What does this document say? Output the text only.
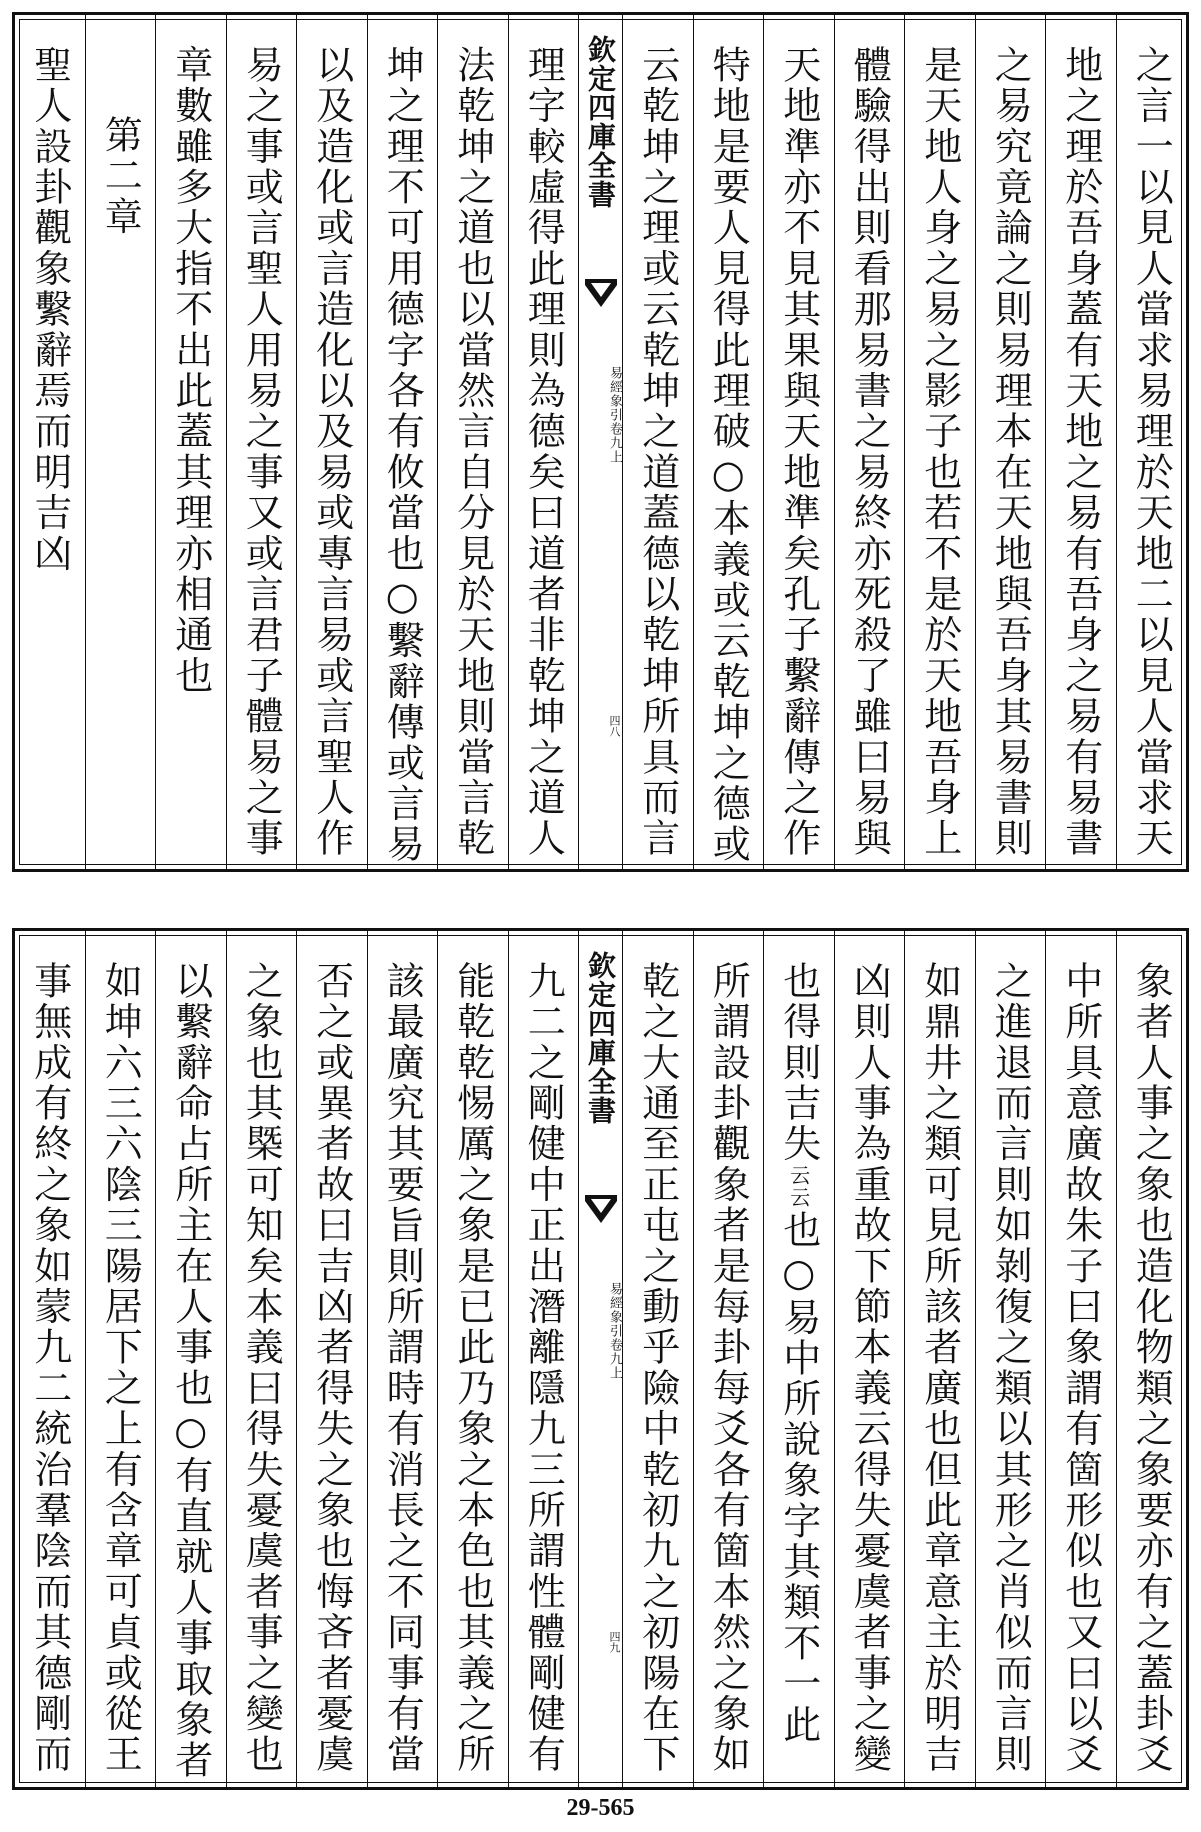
之言一以見人當求易理於天地二以見人當求天
地之理於吾身蓋有天地之易有吾身之易有易書
之易究竟論之則易理本在天地與吾身其易書則
是天地人身之易之影子也若不是於天地吾身上
體驗得出則看那易書之易終亦死殺了雖曰易與
天地準亦不見其果與天地準矣孔子繫辭傳之作
特地是要人見得此理破○本義或云乾坤之德或
云乾坤之理或云乾坤之道蓋德以乾坤所具而言
欽定四庫全書
易經象引
卷九上
四八
理字較虛得此理則為德矣曰道者非乾坤之道人
法乾坤之道也以當然言自分見於天地則當言乾
坤之理不可用德字各有攸當也○繫辭傳或言易
以及造化或言造化以及易或專言易或言聖人作
易之事或言聖人用易之事又或言君子體易之事
章數雖多大指不出此蓋其理亦相通也
第二章
聖人設卦觀象繫辭焉而明吉凶
象者人事之象也造化物類之象要亦有之蓋卦爻
中所具意廣故朱子曰象謂有箇形似也又曰以爻
之進退而言則如剝復之類以其形之肖似而言則
如鼎井之類可見所該者廣也但此章意主於明吉
凶則人事為重故下節本義云得失憂虞者事之變
也得則吉失
云
云
也○易中所說象字其類不一此
所謂設卦觀象者是每卦每爻各有箇本然之象如
乾之大通至正屯之動乎險中乾初九之初陽在下
欽定四庫全書
易經象引
卷九上
四九
九二之剛健中正出潛離隱九三所謂性體剛健有
能乾乾惕厲之象是已此乃象之本色也其義之所
該最廣究其要旨則所謂時有消長之不同事有當
否之或異者故曰吉凶者得失之象也悔吝者憂虞
之象也其槩可知矣本義曰得失憂虞者事之變也
以繫辭命占所主在人事也○有直就人事取象者
如坤六三六陰三陽居下之上有含章可貞或從王
事無成有終之象如蒙九二統治羣陰而其德剛而
29-565
